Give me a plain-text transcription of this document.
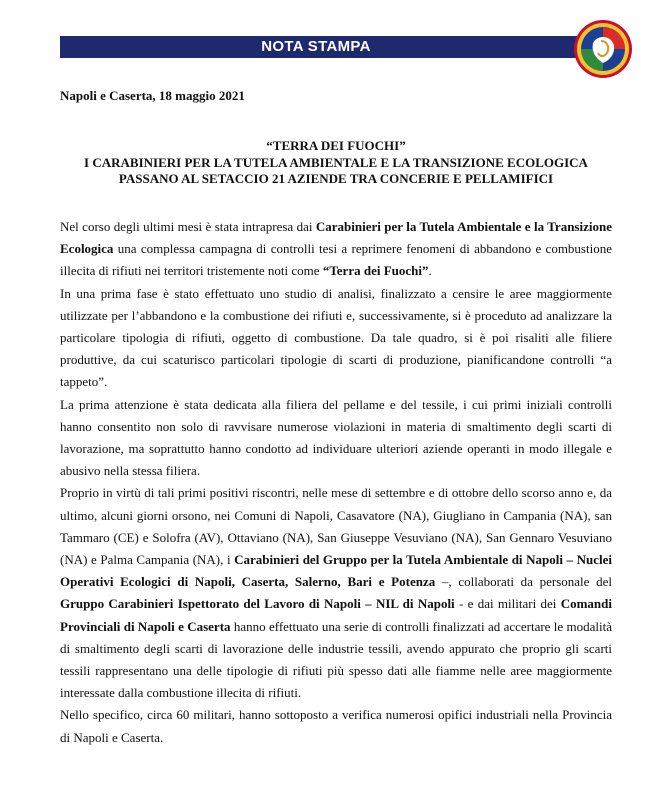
NOTA STAMPA
Napoli e Caserta, 18 maggio 2021
“TERRA DEI FUOCHI”
I CARABINIERI PER LA TUTELA AMBIENTALE E LA TRANSIZIONE ECOLOGICA
PASSANO AL SETACCIO 21 AZIENDE TRA CONCERIE E PELLAMIFICI

Nel corso degli ultimi mesi è stata intrapresa dai Carabinieri per la Tutela Ambientale e la Transizione Ecologica una complessa campagna di controlli tesi a reprimere fenomeni di abbandono e combustione illecita di rifiuti nei territori tristemente noti come “Terra dei Fuochi”.

In una prima fase è stato effettuato uno studio di analisi, finalizzato a censire le aree maggiormente utilizzate per l’abbandono e la combustione dei rifiuti e, successivamente, si è proceduto ad analizzare la particolare tipologia di rifiuti, oggetto di combustione. Da tale quadro, si è poi risaliti alle filiere produttive, da cui scaturisco particolari tipologie di scarti di produzione, pianificandone controlli “a tappeto”.

La prima attenzione è stata dedicata alla filiera del pellame e del tessile, i cui primi iniziali controlli hanno consentito non solo di ravvisare numerose violazioni in materia di smaltimento degli scarti di lavorazione, ma soprattutto hanno condotto ad individuare ulteriori aziende operanti in modo illegale e abusivo nella stessa filiera.

Proprio in virtù di tali primi positivi riscontri, nelle mese di settembre e di ottobre dello scorso anno e, da ultimo, alcuni giorni orsono, nei Comuni di Napoli, Casavatore (NA), Giugliano in Campania (NA), san Tammaro (CE) e Solofra (AV), Ottaviano (NA), San Giuseppe Vesuviano (NA), San Gennaro Vesuviano (NA) e Palma Campania (NA), i Carabinieri del Gruppo per la Tutela Ambientale di Napoli – Nuclei Operativi Ecologici di Napoli, Caserta, Salerno, Bari e Potenza –, collaborati da personale del Gruppo Carabinieri Ispettorato del Lavoro di Napoli – NIL di Napoli - e dai militari dei Comandi Provinciali di Napoli e Caserta hanno effettuato una serie di controlli finalizzati ad accertare le modalità di smaltimento degli scarti di lavorazione delle industrie tessili, avendo appurato che proprio gli scarti tessili rappresentano una delle tipologie di rifiuti più spesso dati alle fiamme nelle aree maggiormente interessate dalla combustione illecita di rifiuti.

Nello specifico, circa 60 militari, hanno sottoposto a verifica numerosi opifici industriali nella Provincia di Napoli e Caserta.
